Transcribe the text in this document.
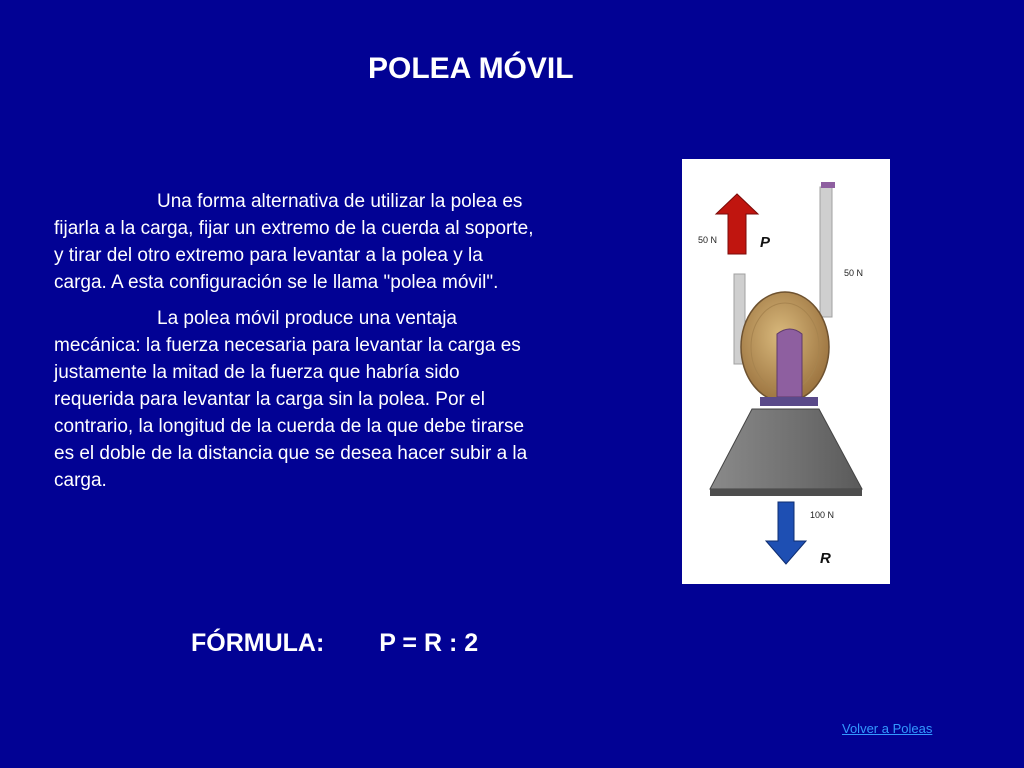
POLEA MÓVIL

Una forma alternativa de utilizar la polea es fijarla a la carga, fijar un extremo de la cuerda al soporte, y tirar del otro extremo para levantar a la polea y la carga. A esta configuración se le llama "polea móvil".

La polea móvil produce una ventaja mecánica: la fuerza necesaria para levantar la carga es justamente la mitad de la fuerza que habría sido requerida para levantar la carga sin la polea. Por el contrario, la longitud de la cuerda de la que debe tirarse es el doble de la distancia que se desea hacer subir a la carga.

50 N	P
50 N
100 N
R
FÓRMULA: P = R : 2
Volver a Poleas
